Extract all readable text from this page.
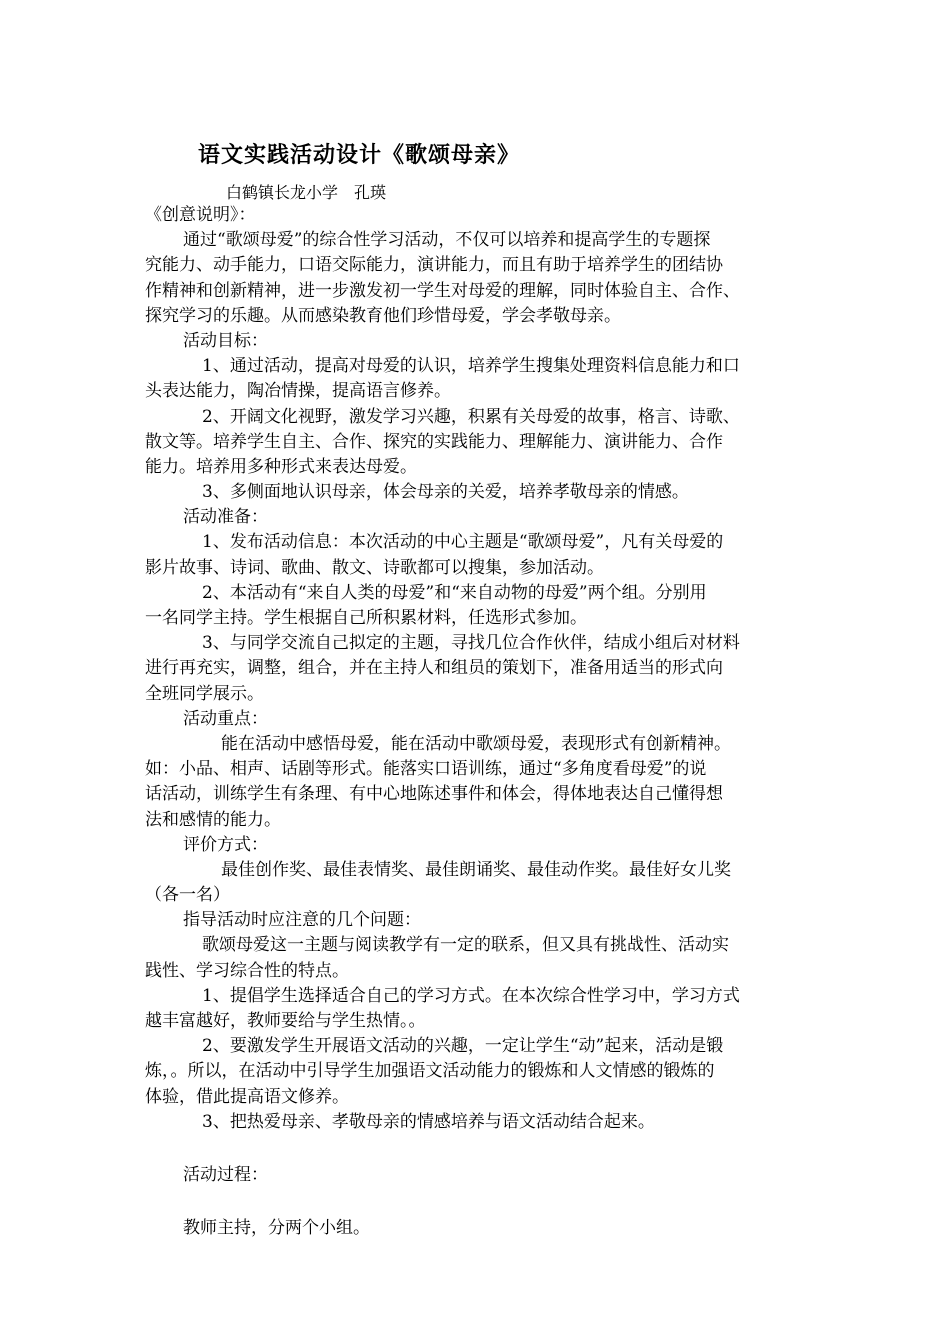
语文实践活动设计《歌颂母亲》
白鹤镇长龙小学　孔瑛
《创意说明》：
通过“歌颂母爱”的综合性学习活动，不仅可以培养和提高学生的专题探
究能力、动手能力，口语交际能力，演讲能力，而且有助于培养学生的团结协
作精神和创新精神，进一步激发初一学生对母爱的理解，同时体验自主、合作、
探究学习的乐趣。从而感染教育他们珍惜母爱，学会孝敬母亲。
活动目标：
1、通过活动，提高对母爱的认识，培养学生搜集处理资料信息能力和口
头表达能力，陶冶情操，提高语言修养。
2、开阔文化视野，激发学习兴趣，积累有关母爱的故事，格言、诗歌、
散文等。培养学生自主、合作、探究的实践能力、理解能力、演讲能力、合作
能力。培养用多种形式来表达母爱。
3、多侧面地认识母亲，体会母亲的关爱，培养孝敬母亲的情感。
活动准备：
1、发布活动信息：本次活动的中心主题是“歌颂母爱”，凡有关母爱的
影片故事、诗词、歌曲、散文、诗歌都可以搜集，参加活动。
2、本活动有“来自人类的母爱”和“来自动物的母爱”两个组。分别用
一名同学主持。学生根据自己所积累材料，任选形式参加。
3、与同学交流自己拟定的主题，寻找几位合作伙伴，结成小组后对材料
进行再充实，调整，组合，并在主持人和组员的策划下，准备用适当的形式向
全班同学展示。
活动重点：
能在活动中感悟母爱，能在活动中歌颂母爱，表现形式有创新精神。
如：小品、相声、话剧等形式。能落实口语训练，通过“多角度看母爱”的说
话活动，训练学生有条理、有中心地陈述事件和体会，得体地表达自己懂得想
法和感情的能力。
评价方式：
最佳创作奖、最佳表情奖、最佳朗诵奖、最佳动作奖。最佳好女儿奖
（各一名）
指导活动时应注意的几个问题：
歌颂母爱这一主题与阅读教学有一定的联系，但又具有挑战性、活动实
践性、学习综合性的特点。
1、提倡学生选择适合自己的学习方式。在本次综合性学习中，学习方式
越丰富越好，教师要给与学生热情。。
2、要激发学生开展语文活动的兴趣，一定让学生“动”起来，活动是锻
炼，。所以，在活动中引导学生加强语文活动能力的锻炼和人文情感的锻炼的
体验，借此提高语文修养。
3、把热爱母亲、孝敬母亲的情感培养与语文活动结合起来。
活动过程：
教师主持，分两个小组。
